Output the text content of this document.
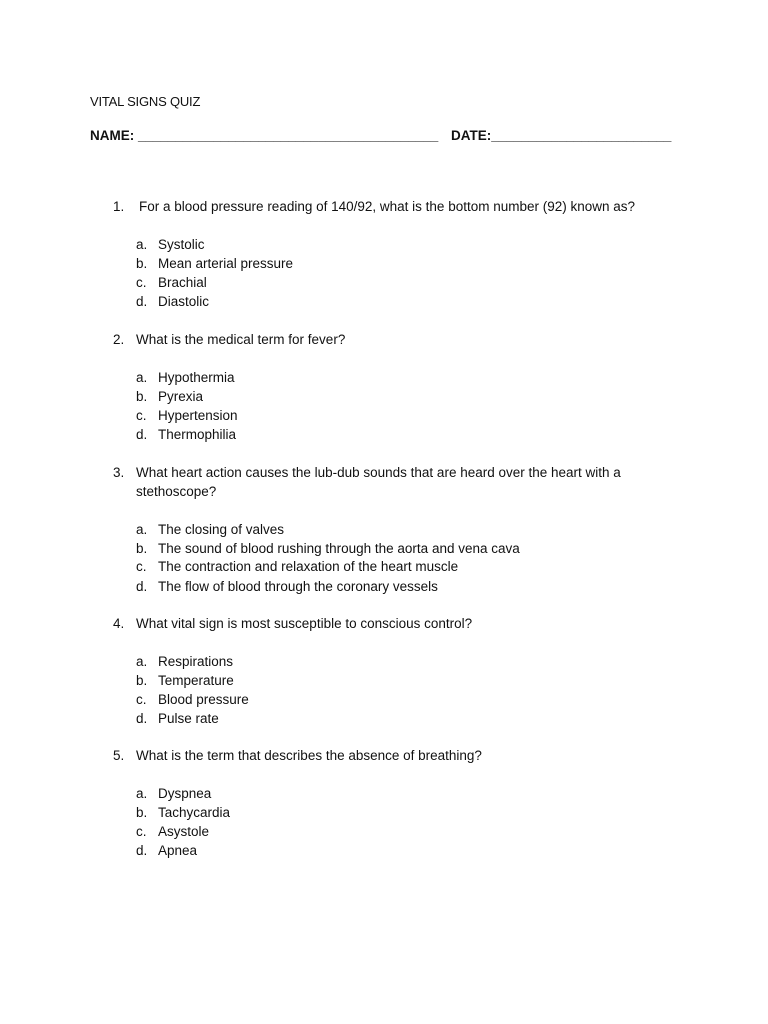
VITAL SIGNS QUIZ
NAME: ________________________________________ DATE:________________________
1. For a blood pressure reading of 140/92, what is the bottom number (92) known as?
a. Systolic
b. Mean arterial pressure
c. Brachial
d. Diastolic
2. What is the medical term for fever?
a. Hypothermia
b. Pyrexia
c. Hypertension
d. Thermophilia
3. What heart action causes the lub-dub sounds that are heard over the heart with a
stethoscope?
a. The closing of valves
b. The sound of blood rushing through the aorta and vena cava
c. The contraction and relaxation of the heart muscle
d. The flow of blood through the coronary vessels
4. What vital sign is most susceptible to conscious control?
a. Respirations
b. Temperature
c. Blood pressure
d. Pulse rate
5. What is the term that describes the absence of breathing?
a. Dyspnea
b. Tachycardia
c. Asystole
d. Apnea
